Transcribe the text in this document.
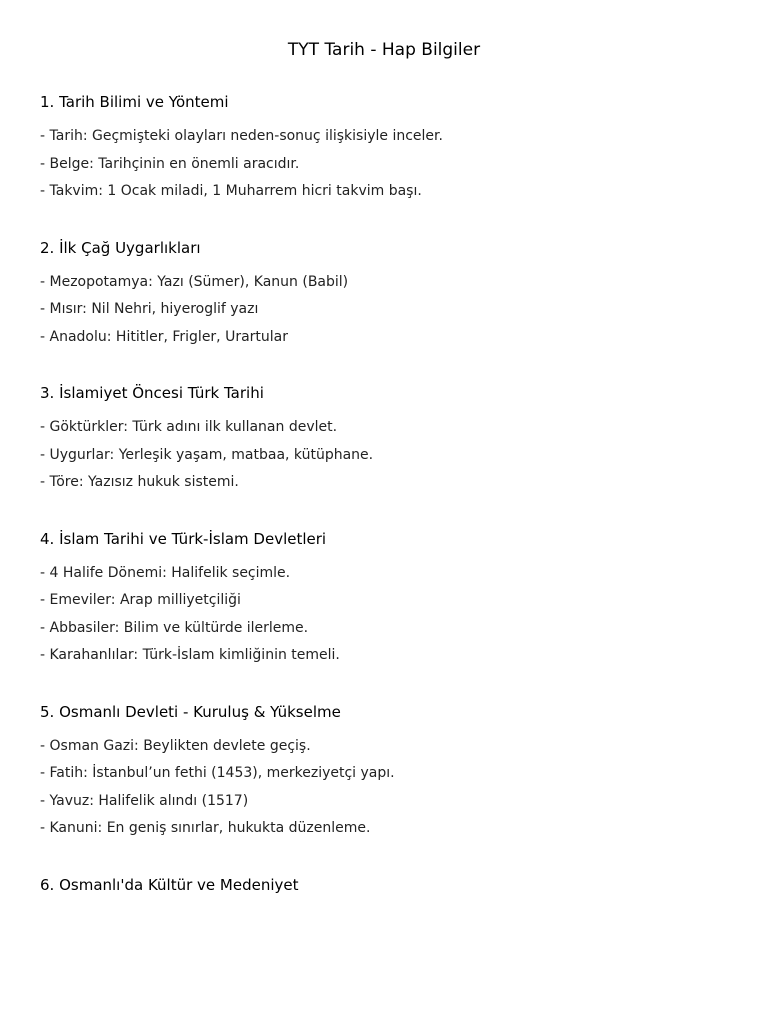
TYT Tarih - Hap Bilgiler
1. Tarih Bilimi ve Yöntemi
- Tarih: Geçmişteki olayları neden-sonuç ilişkisiyle inceler.
- Belge: Tarihçinin en önemli aracıdır.
- Takvim: 1 Ocak miladi, 1 Muharrem hicri takvim başı.
2. İlk Çağ Uygarlıkları
- Mezopotamya: Yazı (Sümer), Kanun (Babil)
- Mısır: Nil Nehri, hiyeroglif yazı
- Anadolu: Hititler, Frigler, Urartular
3. İslamiyet Öncesi Türk Tarihi
- Göktürkler: Türk adını ilk kullanan devlet.
- Uygurlar: Yerleşik yaşam, matbaa, kütüphane.
- Töre: Yazısız hukuk sistemi.
4. İslam Tarihi ve Türk-İslam Devletleri
- 4 Halife Dönemi: Halifelik seçimle.
- Emeviler: Arap milliyetçiliği
- Abbasiler: Bilim ve kültürde ilerleme.
- Karahanlılar: Türk-İslam kimliğinin temeli.
5. Osmanlı Devleti - Kuruluş & Yükselme
- Osman Gazi: Beylikten devlete geçiş.
- Fatih: İstanbul’un fethi (1453), merkeziyetçi yapı.
- Yavuz: Halifelik alındı (1517)
- Kanuni: En geniş sınırlar, hukukta düzenleme.
6. Osmanlı'da Kültür ve Medeniyet
